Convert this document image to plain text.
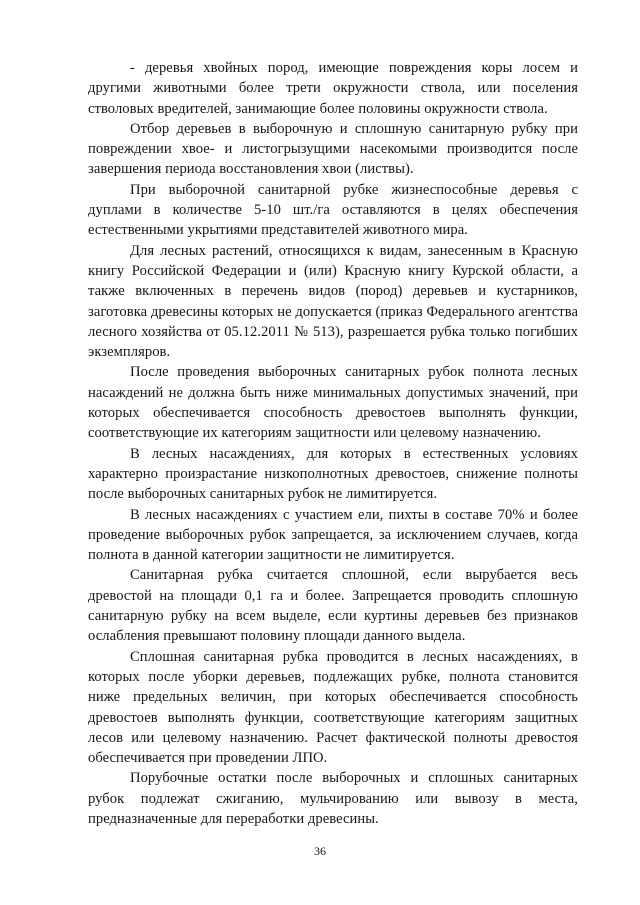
- деревья хвойных пород, имеющие повреждения коры лосем и другими животными более трети окружности ствола, или поселения стволовых вредителей, занимающие более половины окружности ствола.

Отбор деревьев в выборочную и сплошную санитарную рубку при повреждении хвое- и листогрызущими насекомыми производится после завершения периода восстановления хвои (листвы).

При выборочной санитарной рубке жизнеспособные деревья с дуплами в количестве 5-10 шт./га оставляются в целях обеспечения естественными укрытиями представителей животного мира.

Для лесных растений, относящихся к видам, занесенным в Красную книгу Российской Федерации и (или) Красную книгу Курской области, а также включенных в перечень видов (пород) деревьев и кустарников, заготовка древесины которых не допускается (приказ Федерального агентства лесного хозяйства от 05.12.2011 № 513), разрешается рубка только погибших экземпляров.

После проведения выборочных санитарных рубок полнота лесных насаждений не должна быть ниже минимальных допустимых значений, при которых обеспечивается способность древостоев выполнять функции, соответствующие их категориям защитности или целевому назначению.

В лесных насаждениях, для которых в естественных условиях характерно произрастание низкополнотных древостоев, снижение полноты после выборочных санитарных рубок не лимитируется.

В лесных насаждениях с участием ели, пихты в составе 70% и более проведение выборочных рубок запрещается, за исключением случаев, когда полнота в данной категории защитности не лимитируется.

Санитарная рубка считается сплошной, если вырубается весь древостой на площади 0,1 га и более. Запрещается проводить сплошную санитарную рубку на всем выделе, если куртины деревьев без признаков ослабления превышают половину площади данного выдела.

Сплошная санитарная рубка проводится в лесных насаждениях, в которых после уборки деревьев, подлежащих рубке, полнота становится ниже предельных величин, при которых обеспечивается способность древостоев выполнять функции, соответствующие категориям защитных лесов или целевому назначению. Расчет фактической полноты древостоя обеспечивается при проведении ЛПО.

Порубочные остатки после выборочных и сплошных санитарных рубок подлежат сжиганию, мульчированию или вывозу в места, предназначенные для переработки древесины.

36
